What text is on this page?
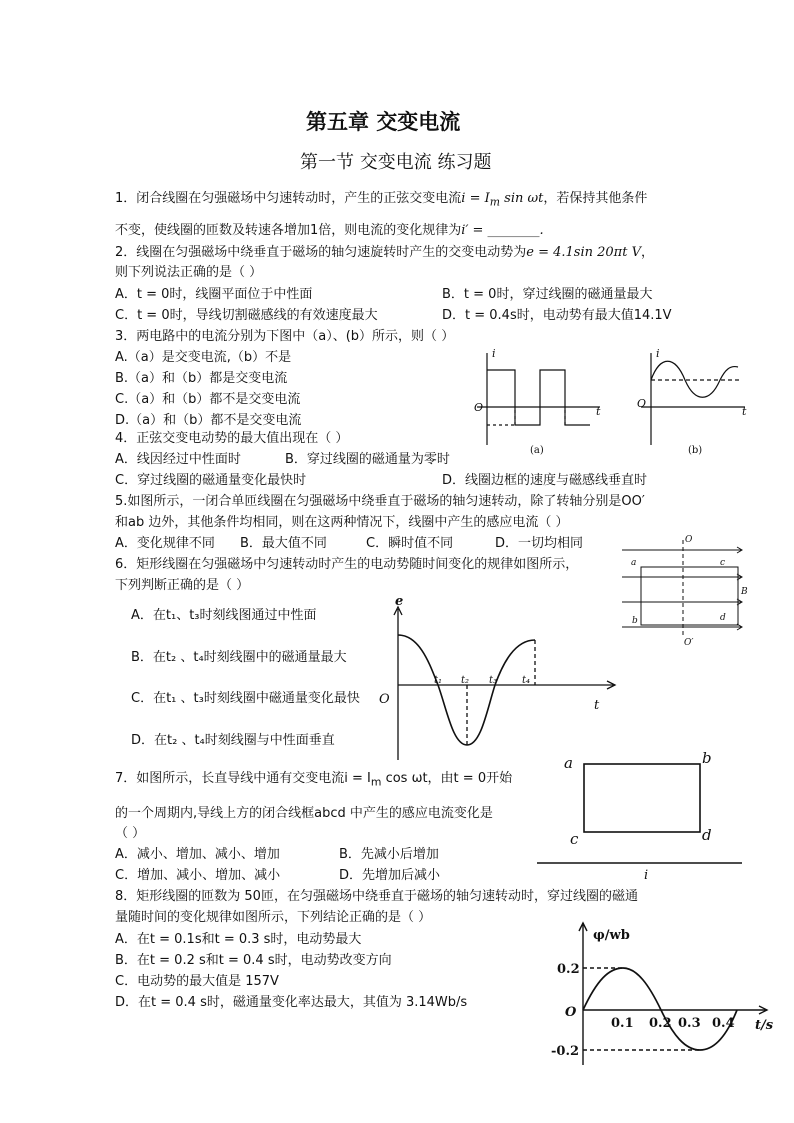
第五章 交变电流
第一节 交变电流 练习题
1．闭合线圈在匀强磁场中匀速转动时，产生的正弦交变电流$i = I_m$ sin ωt，若保持其他条件
不变，使线圈的匝数及转速各增加1倍，则电流的变化规律为i′ = ________.
2．线圈在匀强磁场中绕垂直于磁场的轴匀速旋转时产生的交变电动势为e = 4.1sin 20πt V，
则下列说法正确的是（ ）
A．t = 0时，线圈平面位于中性面	B．t = 0时，穿过线圈的磁通量最大
C．t = 0时，导线切割磁感线的有效速度最大	D．t = 0.4s时，电动势有最大值14.1V
3．两电路中的电流分别为下图中（a）、(b）所示，则（ ）
A.（a）是交变电流,（b）不是
B.（a）和（b）都是交变电流
C.（a）和（b）都不是交变电流
D.（a）和（b）都不是交变电流
i
O	t
i
O
t
(a)	(b)
4．正弦交变电动势的最大值出现在（ ）
A．线因经过中性面时	B．穿过线圈的磁通量为零时
C．穿过线圈的磁通量变化最快时	D．线圈边框的速度与磁感线垂直时
5.如图所示，一闭合单匝线圈在匀强磁场中绕垂直于磁场的轴匀速转动，除了转轴分别是OO′
和ab 边外，其他条件均相同，则在这两种情况下，线圈中产生的感应电流（ ）
A．变化规律不同 B．最大值不同	C．瞬时值不同	D．一切均相同	O
O′
a	c
b	d
B
6．矩形线圈在匀强磁场中匀速转动时产生的电动势随时间变化的规律如图所示，
下列判断正确的是（ ）
A．在t₁、t₃时刻线图通过中性面
B．在t₂ 、t₄时刻线圈中的磁通量最大
C．在t₁ 、t₃时刻线圈中磁通量变化最快
D．在t₂ 、t₄时刻线圈与中性面垂直
e
O	t
t₁ t₂ t₃ t₄
7．如图所示，长直导线中通有交变电流$i = I_m$ cos ωt，由t = 0开始
的一个周期内,导线上方的闭合线框abcd 中产生的感应电流变化是
（ ）
A．减小、增加、减小、增加	B．先减小后增加
C．增加、减小、增加、减小	D．先增加后减小
a	b
c	d
i
8．矩形线圈的匝数为 50匝，在匀强磁场中绕垂直于磁场的轴匀速转动时，穿过线圈的磁通
量随时间的变化规律如图所示，下列结论正确的是（ ）
A．在t = 0.1s和t = 0.3 s时，电动势最大
B．在t = 0.2 s和t = 0.4 s时，电动势改变方向
C．电动势的最大值是 157V
D．在t = 0.4 s时，磁通量变化率达最大，其值为 3.14Wb/s
φ/wb
t/s
O
0.2
-0.2
0.1 0.2 0.3 0.4
